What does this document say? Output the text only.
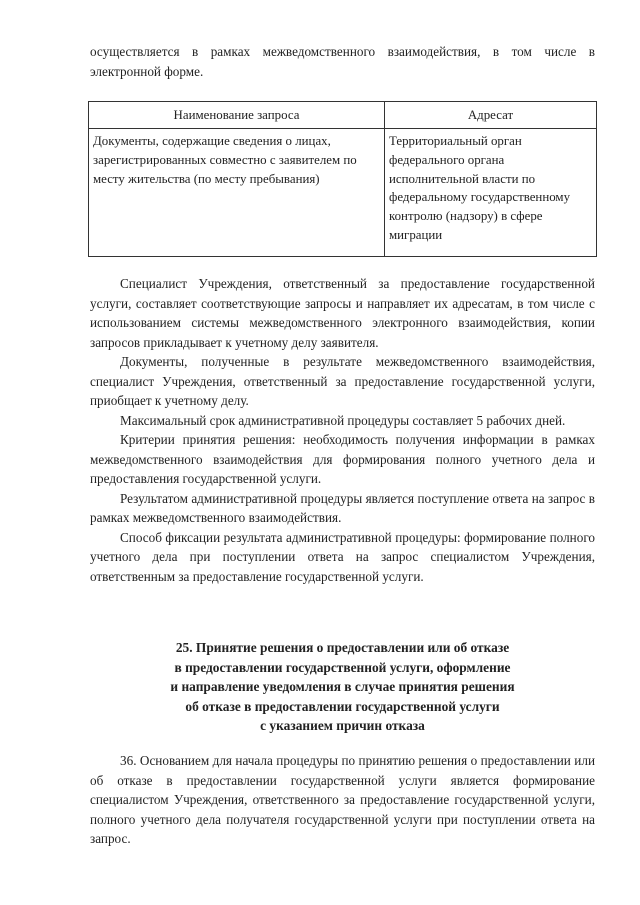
осуществляется в рамках межведомственного взаимодействия, в том числе в электронной форме.

Наименование запроса	Адресат
Документы, содержащие сведения о лицах, зарегистрированных совместно с заявителем по месту жительства (по месту пребывания)	Территориальный орган федерального органа исполнительной власти по федеральному государственному контролю (надзору) в сфере миграции

Специалист Учреждения, ответственный за предоставление государственной услуги, составляет соответствующие запросы и направляет их адресатам, в том числе с использованием системы межведомственного электронного взаимодействия, копии запросов прикладывает к учетному делу заявителя.

Документы, полученные в результате межведомственного взаимодействия, специалист Учреждения, ответственный за предоставление государственной услуги, приобщает к учетному делу.

Максимальный срок административной процедуры составляет 5 рабочих дней.

Критерии принятия решения: необходимость получения информации в рамках межведомственного взаимодействия для формирования полного учетного дела и предоставления государственной услуги.

Результатом административной процедуры является поступление ответа на запрос в рамках межведомственного взаимодействия.

Способ фиксации результата административной процедуры: формирование полного учетного дела при поступлении ответа на запрос специалистом Учреждения, ответственным за предоставление государственной услуги.

25. Принятие решения о предоставлении или об отказе
в предоставлении государственной услуги, оформление
и направление уведомления в случае принятия решения
об отказе в предоставлении государственной услуги
с указанием причин отказа

36. Основанием для начала процедуры по принятию решения о предоставлении или об отказе в предоставлении государственной услуги является формирование специалистом Учреждения, ответственного за предоставление государственной услуги, полного учетного дела получателя государственной услуги при поступлении ответа на запрос.
